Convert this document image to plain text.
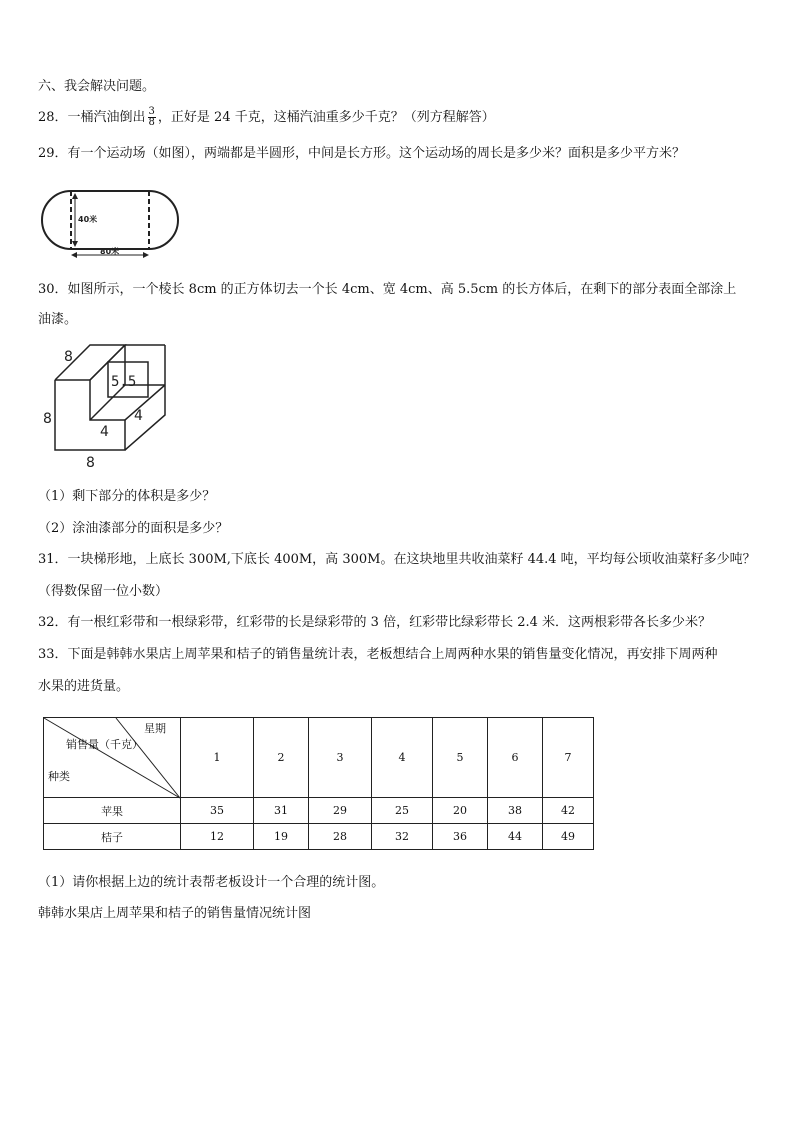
六、我会解决问题。
28．一桶汽油倒出 $\frac{3}{8}$ ，正好是 24 千克，这桶汽油重多少千克？（列方程解答）
29．有一个运动场（如图），两端都是半圆形，中间是长方形。这个运动场的周长是多少米？面积是多少平方米？
40米
80米
30．如图所示，一个棱长 8cm 的正方体切去一个长 4cm、宽 4cm、高 5.5cm 的长方体后，在剩下的部分表面全部涂上
油漆。
8
8
8
5.5
4
4
（1）剩下部分的体积是多少？
（2）涂油漆部分的面积是多少？
31．一块梯形地，上底长 300M,下底长 400M，高 300M。在这块地里共收油菜籽 44.4 吨，平均每公顷收油菜籽多少吨？
（得数保留一位小数）
32．有一根红彩带和一根绿彩带，红彩带的长是绿彩带的 3 倍，红彩带比绿彩带长 2.4 米．这两根彩带各长多少米？
33．下面是韩韩水果店上周苹果和桔子的销售量统计表，老板想结合上周两种水果的销售量变化情况，再安排下周两种
水果的进货量。
星期
销售量（千克）
种类	1	2	3	4	5	6	7
苹果	35	31	29	25	20	38	42
桔子	12	19	28	32	36	44	49
（1）请你根据上边的统计表帮老板设计一个合理的统计图。
韩韩水果店上周苹果和桔子的销售量情况统计图
